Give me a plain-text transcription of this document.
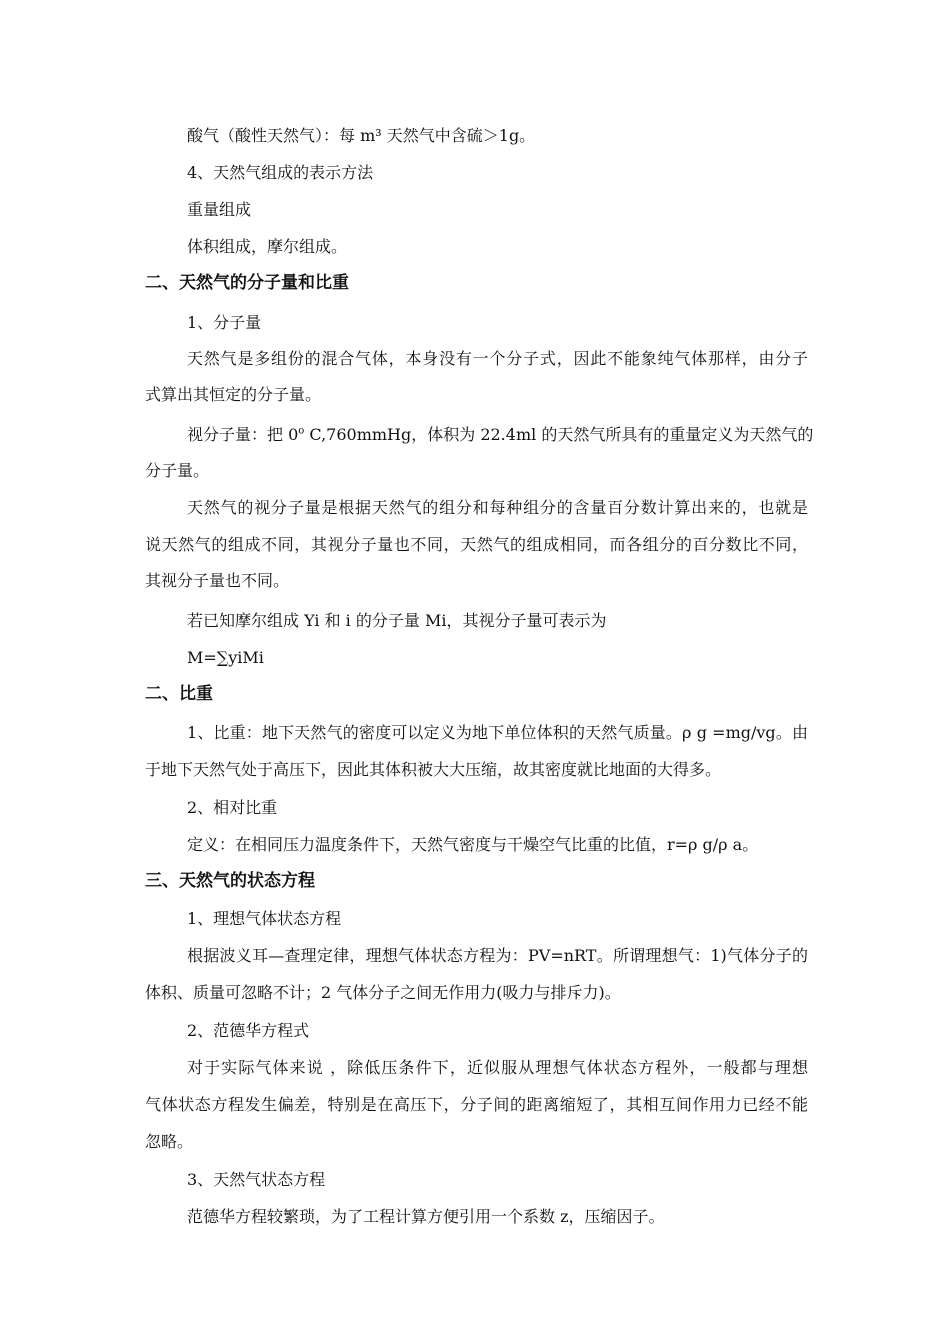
酸气（酸性天然气）：每 m³ 天然气中含硫＞1g。
4、天然气组成的表示方法
重量组成
体积组成，摩尔组成。
二、天然气的分子量和比重
1、分子量
天然气是多组份的混合气体，本身没有一个分子式，因此不能象纯气体那样，由分子
式算出其恒定的分子量。
视分子量：把 0$^o$ C,760mmHg，体积为 22.4ml 的天然气所具有的重量定义为天然气的
分子量。
天然气的视分子量是根据天然气的组分和每种组分的含量百分数计算出来的，也就是
说天然气的组成不同，其视分子量也不同，天然气的组成相同，而各组分的百分数比不同，
其视分子量也不同。
若已知摩尔组成 Yi 和 i 的分子量 Mi，其视分子量可表示为
M=∑yiMi
二、比重
1、比重：地下天然气的密度可以定义为地下单位体积的天然气质量。ρ g =mg/vg。由
于地下天然气处于高压下，因此其体积被大大压缩，故其密度就比地面的大得多。
2、相对比重
定义：在相同压力温度条件下，天然气密度与干燥空气比重的比值，r=ρ g/ρ a。
三、天然气的状态方程
1、理想气体状态方程
根据波义耳—查理定律，理想气体状态方程为：PV=nRT。所谓理想气：1)气体分子的
体积、质量可忽略不计；2 气体分子之间无作用力(吸力与排斥力)。
2、范德华方程式
对于实际气体来说 ，除低压条件下，近似服从理想气体状态方程外，一般都与理想
气体状态方程发生偏差，特别是在高压下，分子间的距离缩短了，其相互间作用力已经不能
忽略。
3、天然气状态方程
范德华方程较繁琐，为了工程计算方便引用一个系数 z，压缩因子。
